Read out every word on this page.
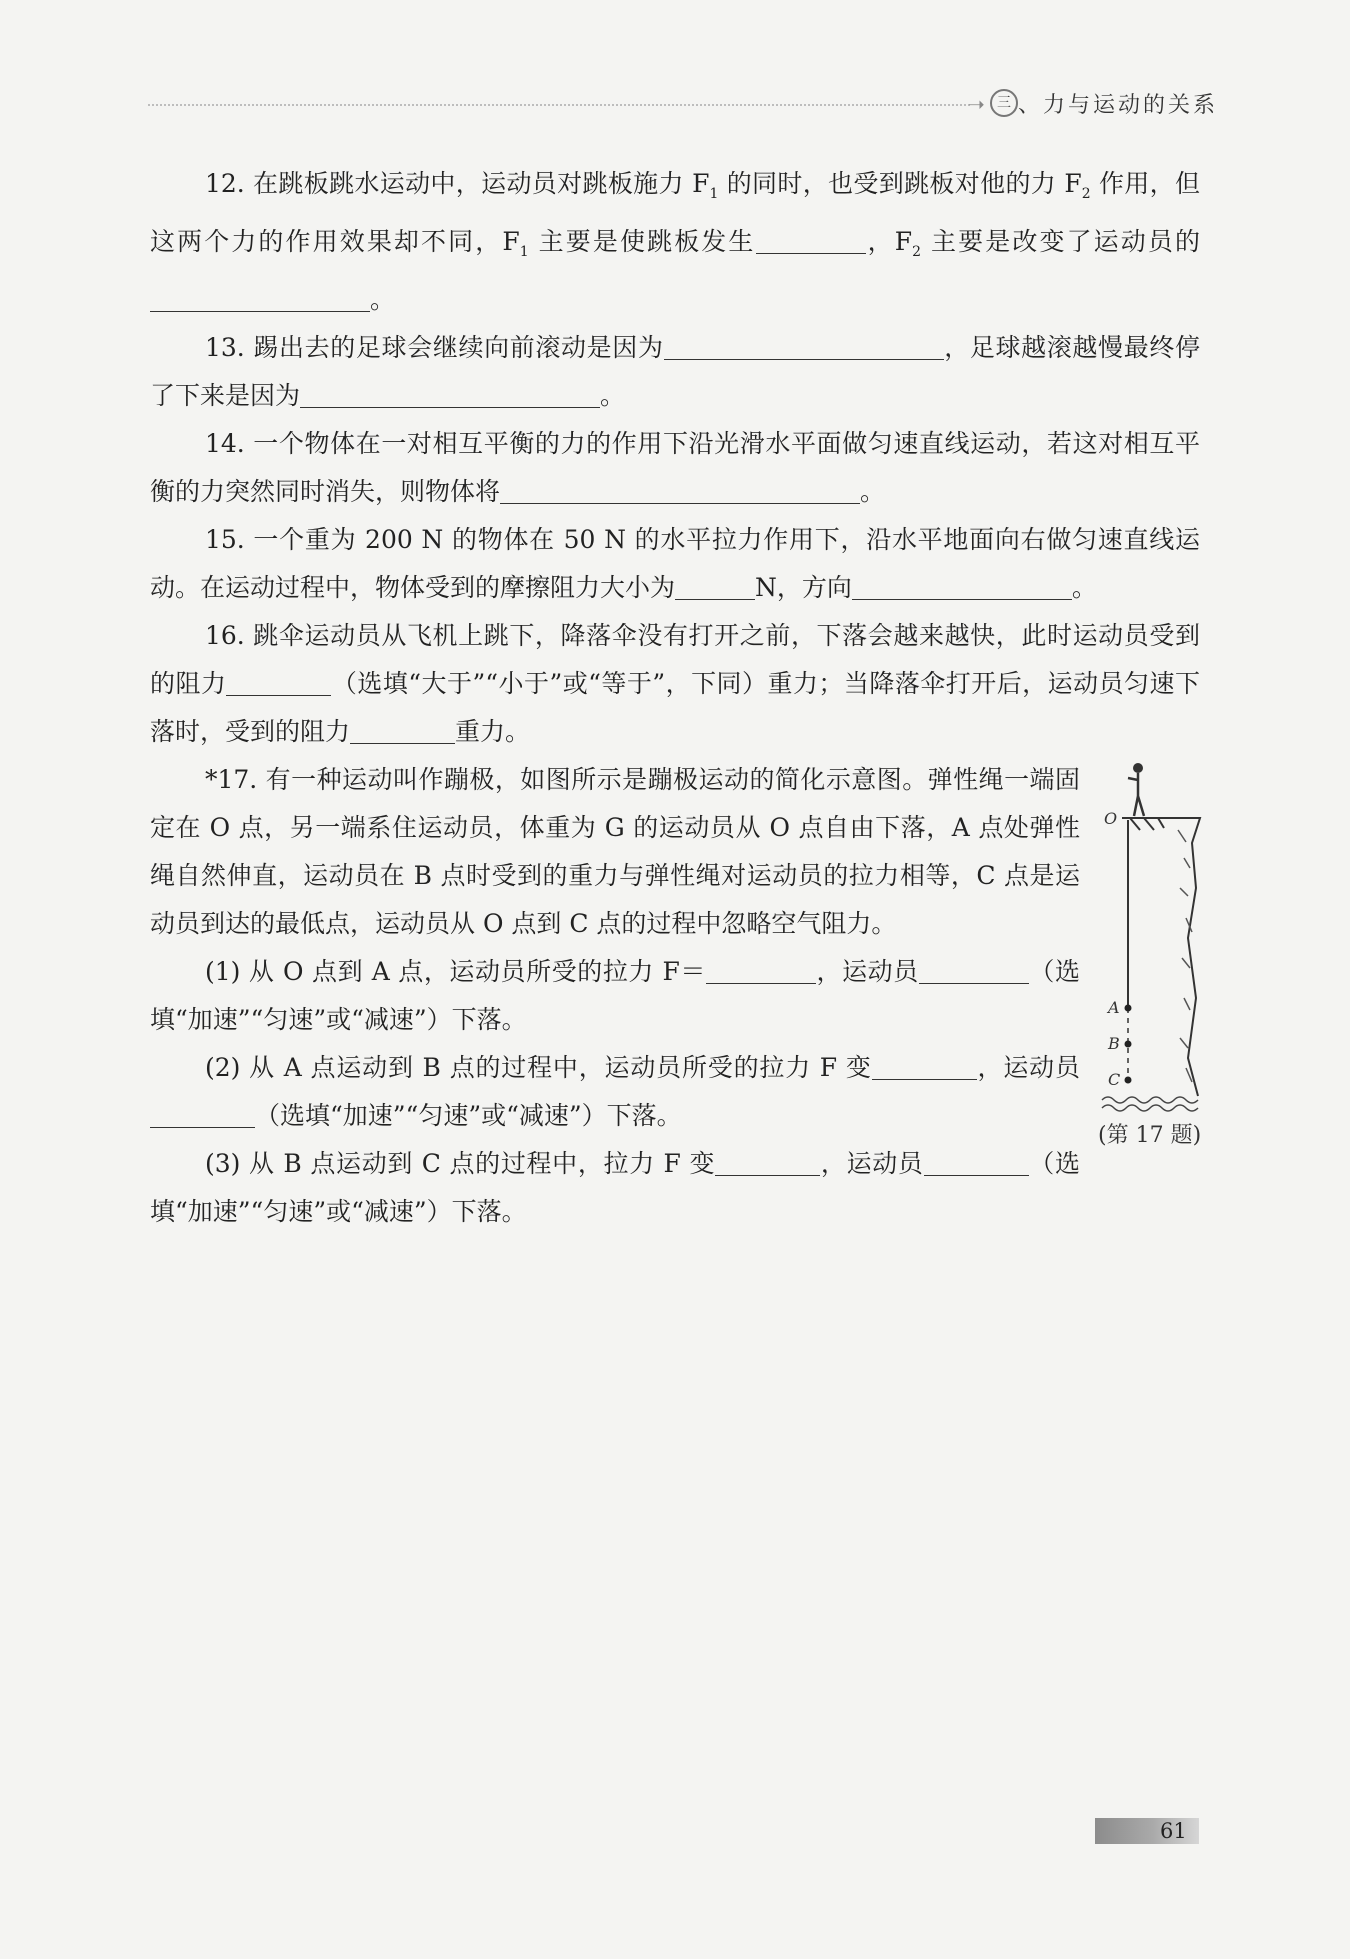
➝ 三 、力与运动的关系

12. 在跳板跳水运动中，运动员对跳板施力 $F_1$ 的同时，也受到跳板对他的力 $F_2$ 作用，但这两个力的作用效果却不同，$F_1$ 主要是使跳板发生	，$F_2$ 主要是改变了运动员的。

13. 踢出去的足球会继续向前滚动是因为	，足球越滚越慢最终停了下来是因为	。

14. 一个物体在一对相互平衡的力的作用下沿光滑水平面做匀速直线运动，若这对相互平衡的力突然同时消失，则物体将	。

15. 一个重为 200 N 的物体在 50 N 的水平拉力作用下，沿水平地面向右做匀速直线运动。在运动过程中，物体受到的摩擦阻力大小为	N，方向	。

16. 跳伞运动员从飞机上跳下，降落伞没有打开之前，下落会越来越快，此时运动员受到的阻力	（选填“大于”“小于”或“等于”，下同）重力；当降落伞打开后，运动员匀速下落时，受到的阻力	重力。

*17. 有一种运动叫作蹦极，如图所示是蹦极运动的简化示意图。弹性绳一端固定在 O 点，另一端系住运动员，体重为 G 的运动员从 O 点自由下落，A 点处弹性绳自然伸直，运动员在 B 点时受到的重力与弹性绳对运动员的拉力相等，C 点是运动员到达的最低点，运动员从 O 点到 C 点的过程中忽略空气阻力。

(1) 从 O 点到 A 点，运动员所受的拉力 F＝	，运动员	（选填“加速”“匀速”或“减速”）下落。

(2) 从 A 点运动到 B 点的过程中，运动员所受的拉力 F 变	，运动员（选填“加速”“匀速”或“减速”）下落。

(3) 从 B 点运动到 C 点的过程中，拉力 F 变	，运动员	（选填“加速”“匀速”或“减速”）下落。

O
A
B
C
(第 17 题)
61
